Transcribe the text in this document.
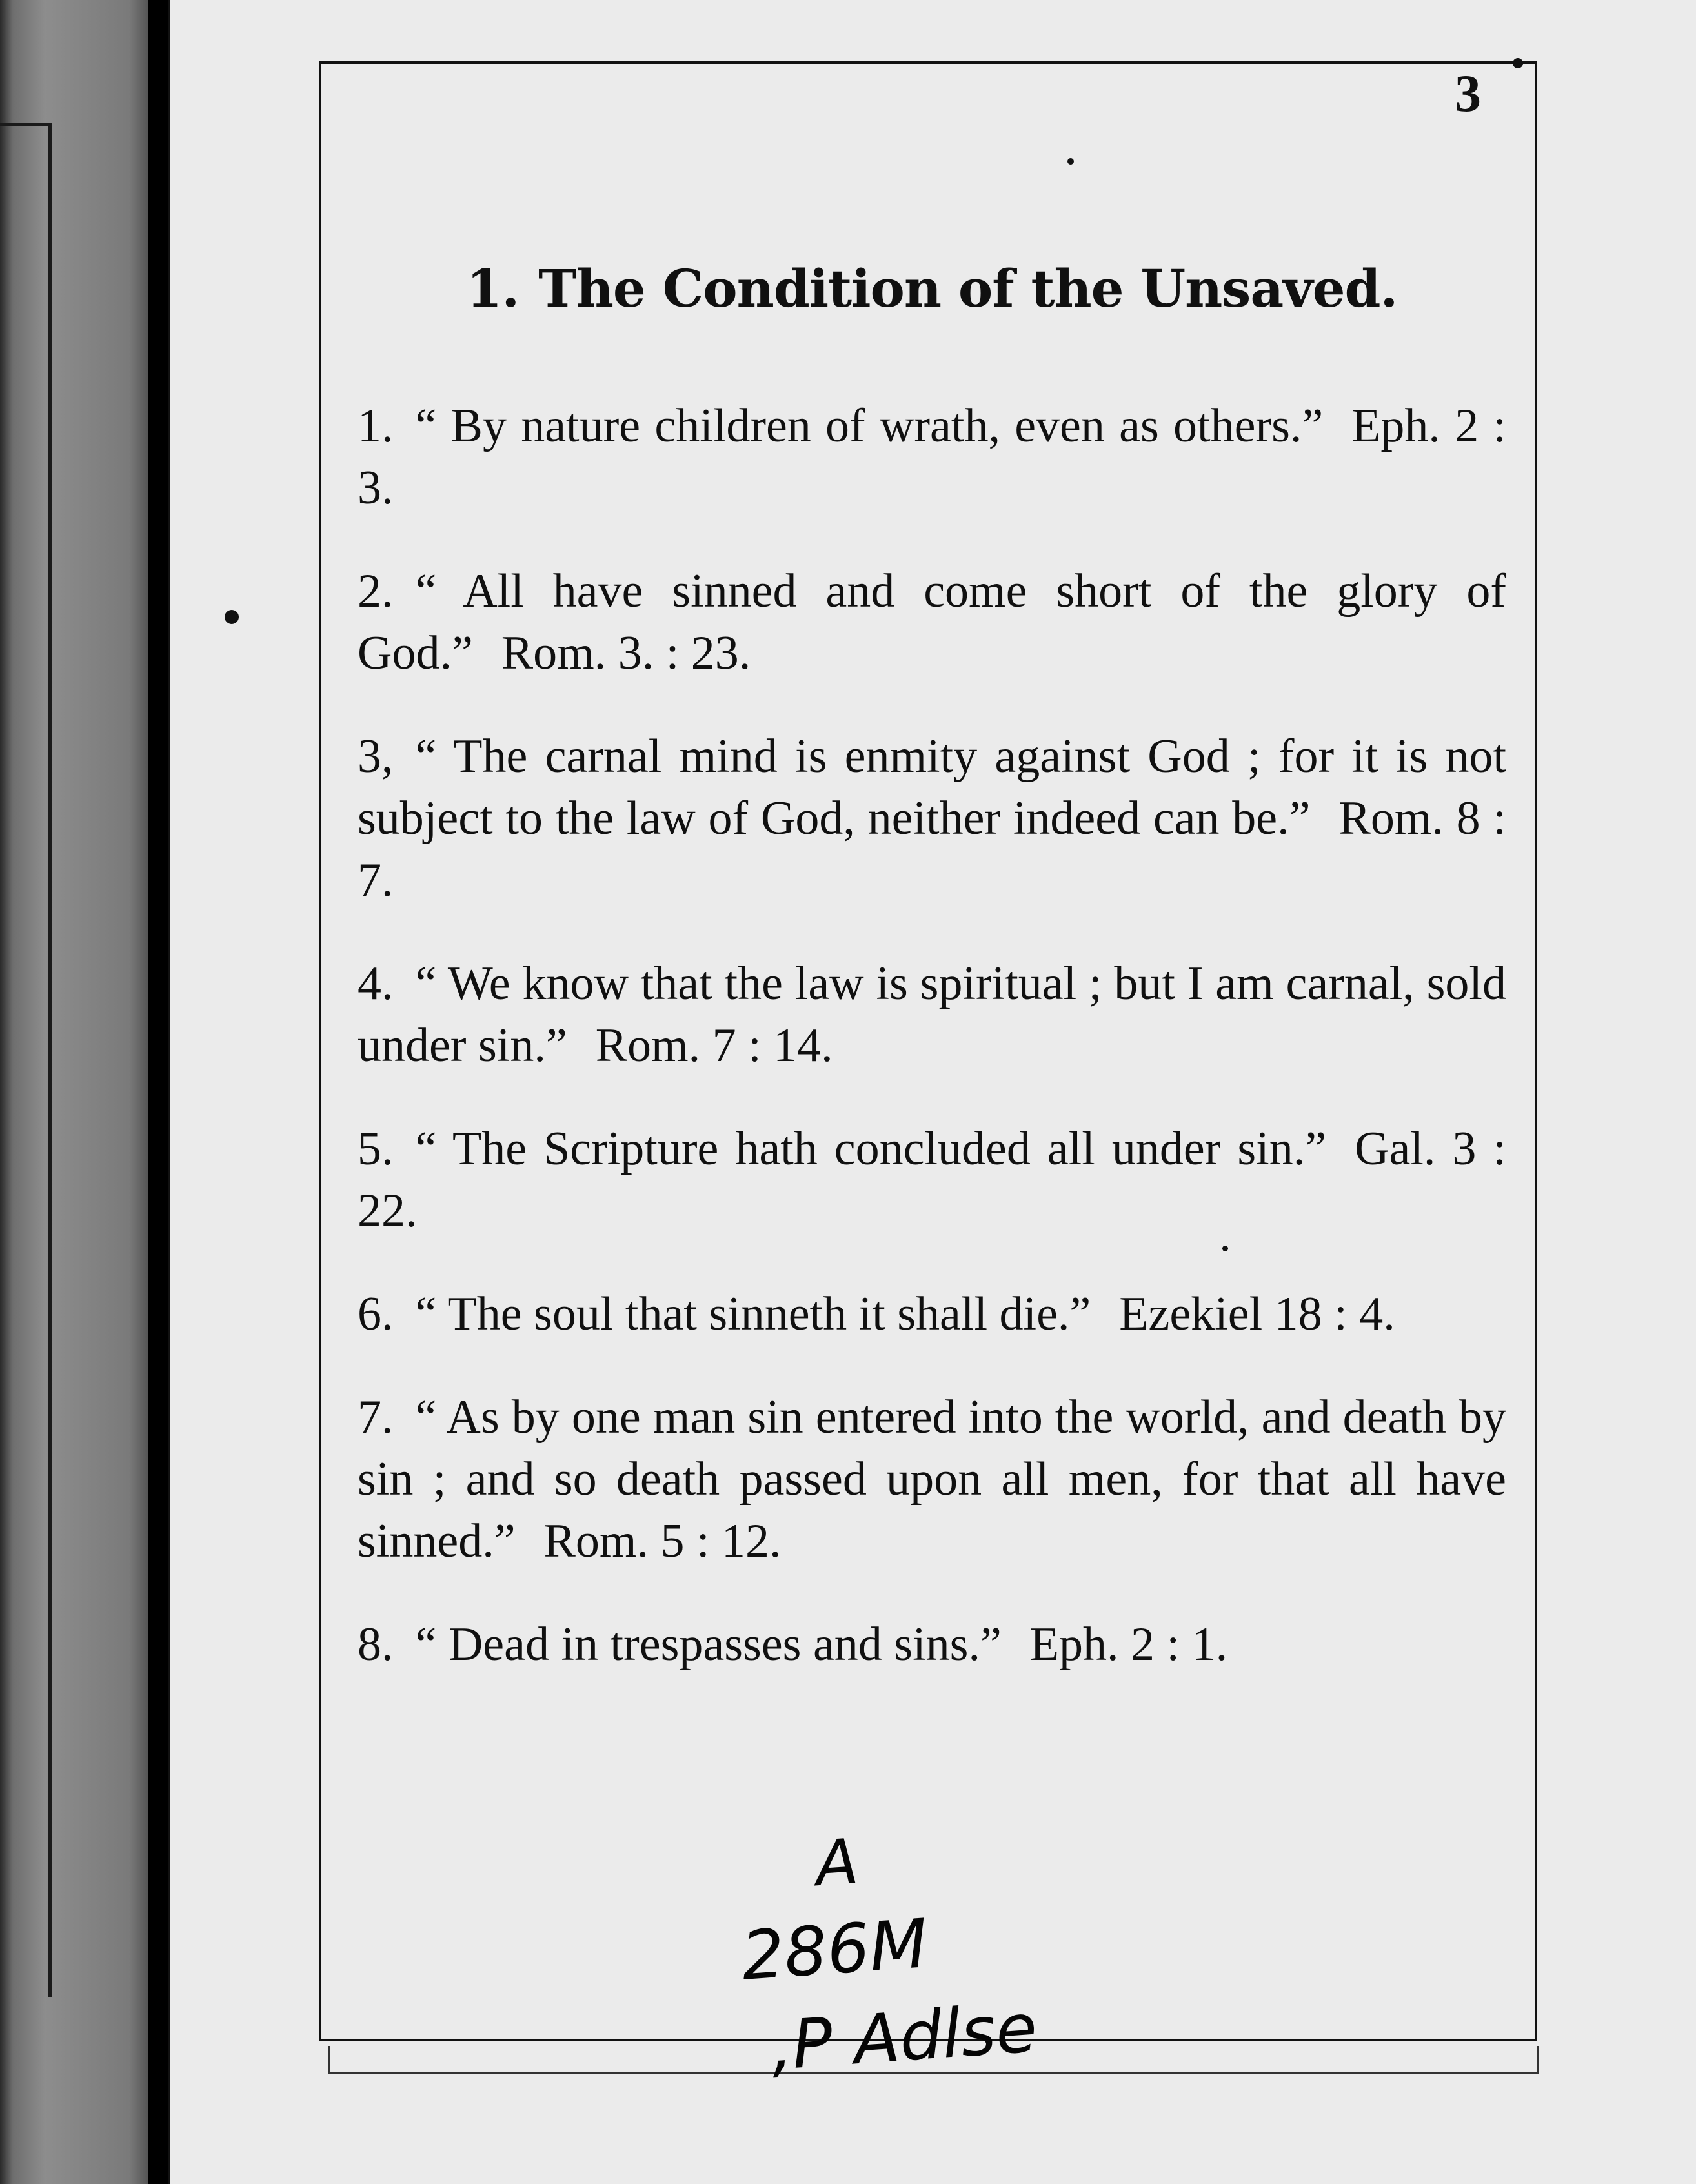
3
1. The Condition of the Unsaved.

1. “ By nature children of wrath, even as others.” Eph. 2 : 3.

2. “ All have sinned and come short of the glory of God.” Rom. 3. : 23.

3, “ The carnal mind is enmity against God ; for it is not subject to the law of God, neither indeed can be.” Rom. 8 : 7.

4. “ We know that the law is spiritual ; but I am carnal, sold under sin.” Rom. 7 : 14.

5. “ The Scripture hath concluded all under sin.” Gal. 3 : 22.

6. “ The soul that sinneth it shall die.” Ezekiel 18 : 4.

7. “ As by one man sin entered into the world, and death by sin ; and so death passed upon all men, for that all have sinned.” Rom. 5 : 12.

8. “ Dead in trespasses and sins.” Eph. 2 : 1.

A
286M
,P Adlse
